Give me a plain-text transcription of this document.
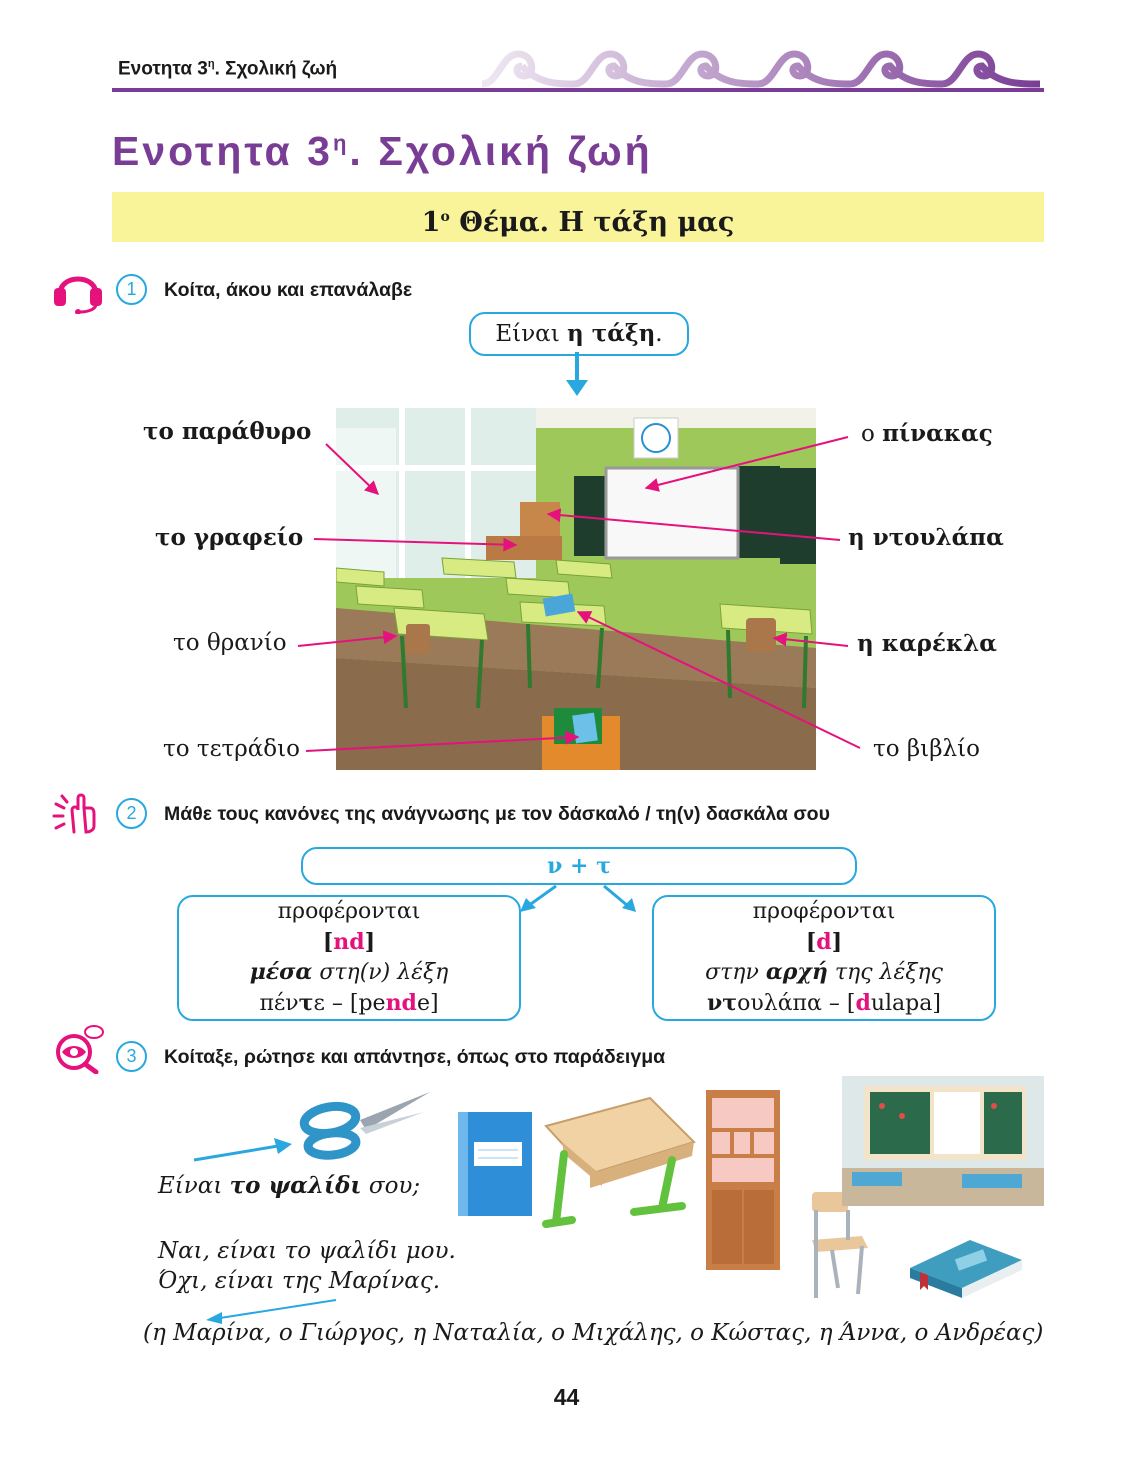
Ενοτητα $3^\eta$. Σχολική ζωή
Ενοτητα $3^\eta$. Σχολική ζωή
$1^o$ Θέμα. Η τάξη μας
1	Κοίτα, άκου και επανάλαβε
Είναι η τάξη.
το παράθυρο
το γραφείο
το θρανίο
το τετράδιο
ο πίνακας
η ντουλάπα
η καρέκλα
το βιβλίο
2	Μάθε τους κανόνες της ανάγνωσης με τον δάσκαλό / τη(ν) δασκάλα σου
ν + τ
προφέρονται
[nd]
μέσα στη(ν) λέξη
πέντε – [pende]
προφέρονται
[d]
στην αρχή της λέξης
ντουλάπα – [dulapa]
3	Κοίταξε, ρώτησε και απάντησε, όπως στο παράδειγμα
Είναι το ψαλίδι σου;
Ναι, είναι το ψαλίδι μου.
Όχι, είναι της Μαρίνας.
(η Μαρίνα, ο Γιώργος, η Ναταλία, ο Μιχάλης, ο Κώστας, η Άννα, ο Ανδρέας)
44
